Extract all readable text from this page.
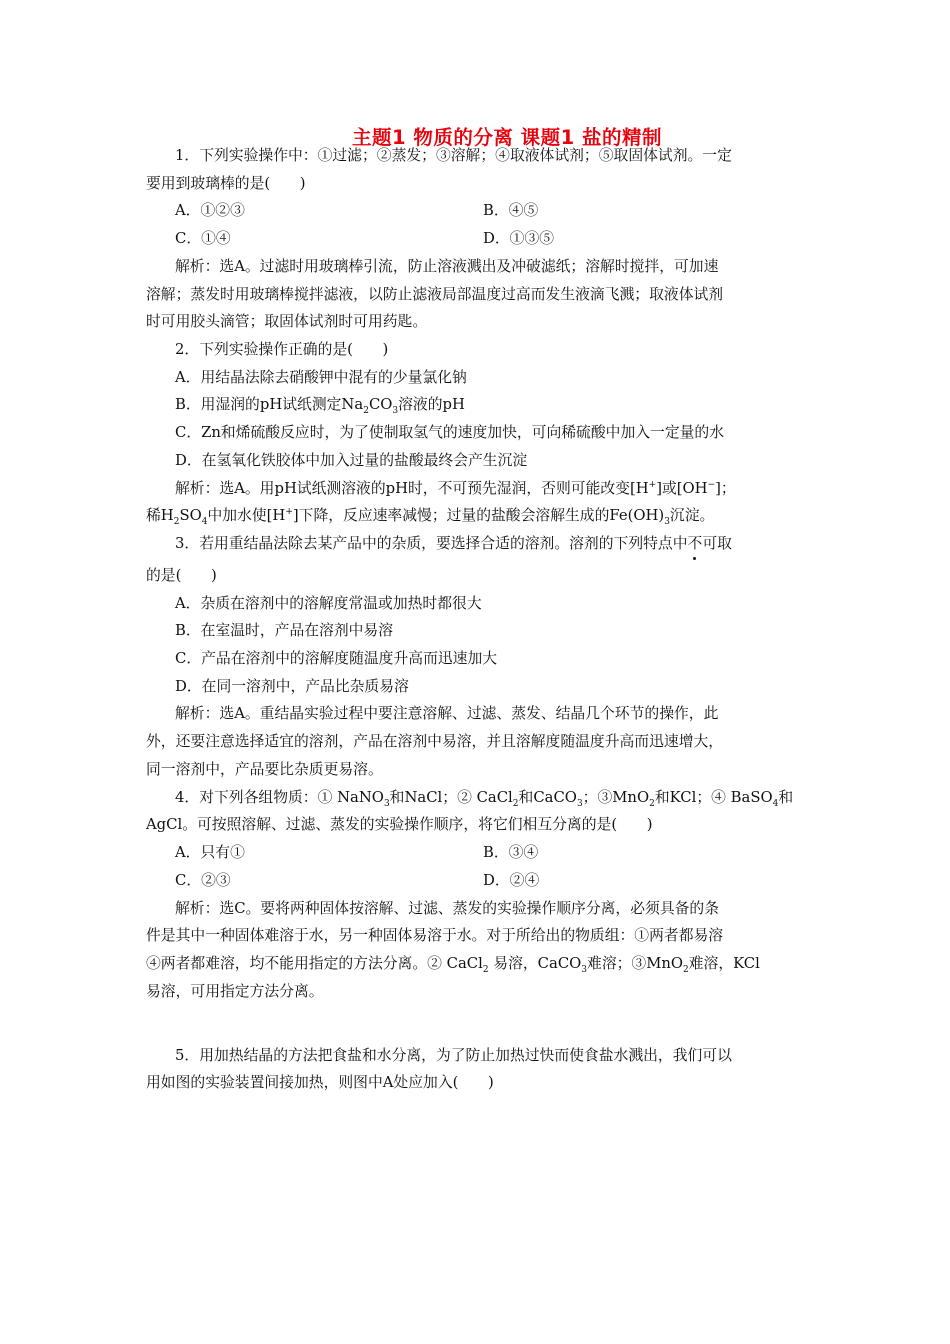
主题1 物质的分离 课题1 盐的精制
1．下列实验操作中：①过滤；②蒸发；③溶解；④取液体试剂；⑤取固体试剂。一定
要用到玻璃棒的是(　　)
A．①②③	B．④⑤
C．①④	D．①③⑤
解析：选A。过滤时用玻璃棒引流，防止溶液溅出及冲破滤纸；溶解时搅拌，可加速
溶解；蒸发时用玻璃棒搅拌滤液，以防止滤液局部温度过高而发生液滴飞溅；取液体试剂
时可用胶头滴管；取固体试剂时可用药匙。
2．下列实验操作正确的是(　　)
A．用结晶法除去硝酸钾中混有的少量氯化钠
B．用湿润的pH试纸测定$Na_2CO_3$溶液的pH
C．Zn和烯硫酸反应时，为了使制取氢气的速度加快，可向稀硫酸中加入一定量的水
D．在氢氧化铁胶体中加入过量的盐酸最终会产生沉淀
解析：选A。用pH试纸测溶液的pH时，不可预先湿润，否则可能改变[H+]或[OH−]；
稀$H_2SO_4$中加水使[H+]下降，反应速率减慢；过量的盐酸会溶解生成的$Fe(OH)_3$沉淀。
3．若用重结晶法除去某产品中的杂质，要选择合适的溶剂。溶剂的下列特点中不可取
的是(　　)
A．杂质在溶剂中的溶解度常温或加热时都很大
B．在室温时，产品在溶剂中易溶
C．产品在溶剂中的溶解度随温度升高而迅速加大
D．在同一溶剂中，产品比杂质易溶
解析：选A。重结晶实验过程中要注意溶解、过滤、蒸发、结晶几个环节的操作，此
外，还要注意选择适宜的溶剂，产品在溶剂中易溶，并且溶解度随温度升高而迅速增大，
同一溶剂中，产品要比杂质更易溶。
4．对下列各组物质：① NaNO$_3$和NaCl；② CaCl$_2$和CaCO$_3$；③MnO$_2$和KCl；④ BaSO$_4$和
AgCl。可按照溶解、过滤、蒸发的实验操作顺序，将它们相互分离的是(　　)
A．只有①	B．③④
C．②③	D．②④
解析：选C。要将两种固体按溶解、过滤、蒸发的实验操作顺序分离，必须具备的条
件是其中一种固体难溶于水，另一种固体易溶于水。对于所给出的物质组：①两者都易溶
④两者都难溶，均不能用指定的方法分离。② CaCl$_2$ 易溶，CaCO$_3$难溶；③MnO$_2$难溶，KCl
易溶，可用指定方法分离。
5．用加热结晶的方法把食盐和水分离，为了防止加热过快而使食盐水溅出，我们可以
用如图的实验装置间接加热，则图中A处应加入(　　)
